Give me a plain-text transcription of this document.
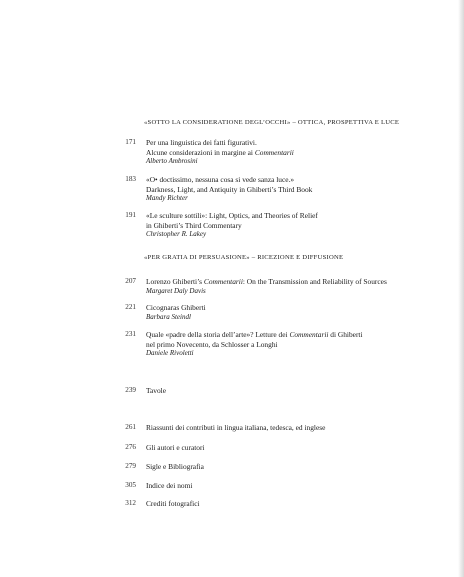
«SOTTO LA CONSIDERATIONE DEGL’OCCHI» – OTTICA, PROSPETTIVA E LUCE
171 Per una linguistica dei fatti figurativi.
Alcune considerazioni in margine ai Commentarii
Alberto Ambrosini
183 «O• doctissimo, nessuna cosa si vede sanza luce.»
Darkness, Light, and Antiquity in Ghiberti’s Third Book
Mandy Richter
191 «Le sculture sottili»: Light, Optics, and Theories of Relief
in Ghiberti’s Third Commentary
Christopher R. Lakey
«PER GRATIA DI PERSUASIONE» – RICEZIONE E DIFFUSIONE
207 Lorenzo Ghiberti’s Commentarii: On the Transmission and Reliability of Sources
Margaret Daly Davis
221 Cicognaras Ghiberti
Barbara Steindl
231 Quale «padre della storia dell’arte»? Letture dei Commentarii di Ghiberti
nel primo Novecento, da Schlosser a Longhi
Daniele Rivoletti
239 Tavole
261 Riassunti dei contributi in lingua italiana, tedesca, ed inglese
276 Gli autori e curatori
279 Sigle e Bibliografia
305 Indice dei nomi
312 Crediti fotografici
